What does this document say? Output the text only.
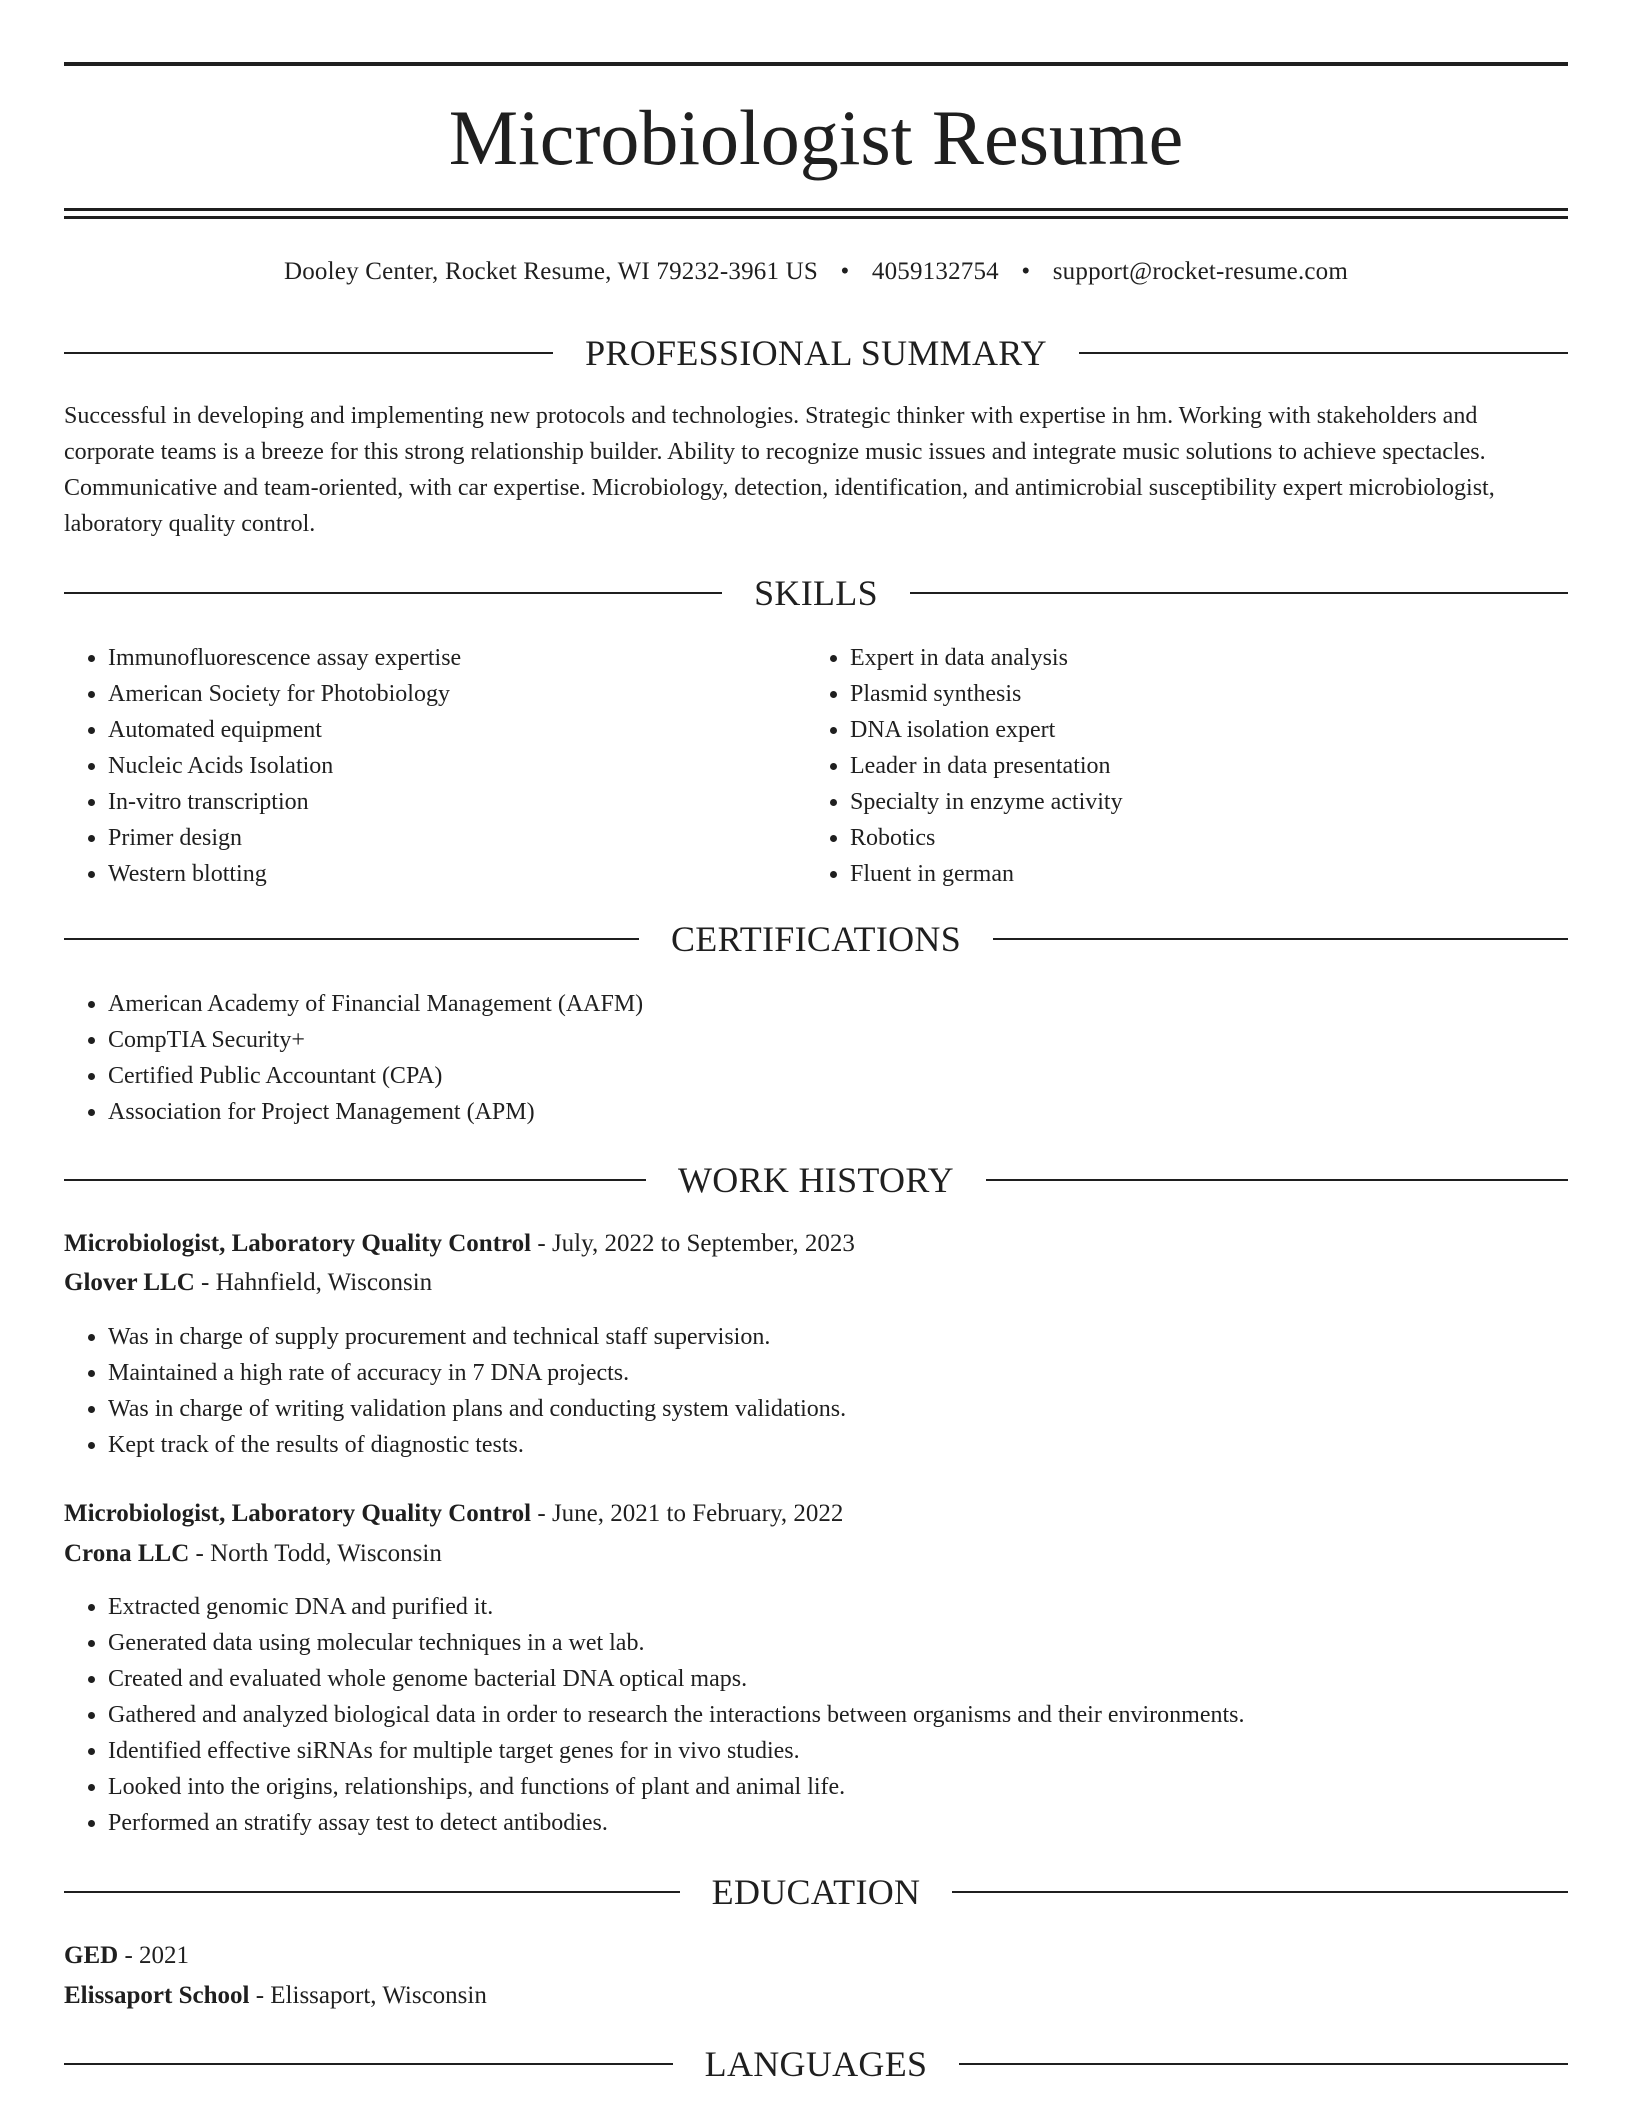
Microbiologist Resume
Dooley Center, Rocket Resume, WI 79232-3961 US • 4059132754 • support@rocket-resume.com
PROFESSIONAL SUMMARY

Successful in developing and implementing new protocols and technologies. Strategic thinker with expertise in hm. Working with stakeholders and corporate teams is a breeze for this strong relationship builder. Ability to recognize music issues and integrate music solutions to achieve spectacles. Communicative and team-oriented, with car expertise. Microbiology, detection, identification, and antimicrobial susceptibility expert microbiologist, laboratory quality control.

SKILLS
• Immunofluorescence assay expertise
• American Society for Photobiology
• Automated equipment
• Nucleic Acids Isolation
• In-vitro transcription
• Primer design
• Western blotting
• Expert in data analysis
• Plasmid synthesis
• DNA isolation expert
• Leader in data presentation
• Specialty in enzyme activity
• Robotics
• Fluent in german
CERTIFICATIONS
• American Academy of Financial Management (AAFM)
• CompTIA Security+
• Certified Public Accountant (CPA)
• Association for Project Management (APM)
WORK HISTORY
Microbiologist, Laboratory Quality Control - July, 2022 to September, 2023
Glover LLC - Hahnfield, Wisconsin
• Was in charge of supply procurement and technical staff supervision.
• Maintained a high rate of accuracy in 7 DNA projects.
• Was in charge of writing validation plans and conducting system validations.
• Kept track of the results of diagnostic tests.
Microbiologist, Laboratory Quality Control - June, 2021 to February, 2022
Crona LLC - North Todd, Wisconsin
• Extracted genomic DNA and purified it.
• Generated data using molecular techniques in a wet lab.
• Created and evaluated whole genome bacterial DNA optical maps.
• Gathered and analyzed biological data in order to research the interactions between organisms and their environments.
• Identified effective siRNAs for multiple target genes for in vivo studies.
• Looked into the origins, relationships, and functions of plant and animal life.
• Performed an stratify assay test to detect antibodies.
EDUCATION
GED - 2021
Elissaport School - Elissaport, Wisconsin
LANGUAGES
